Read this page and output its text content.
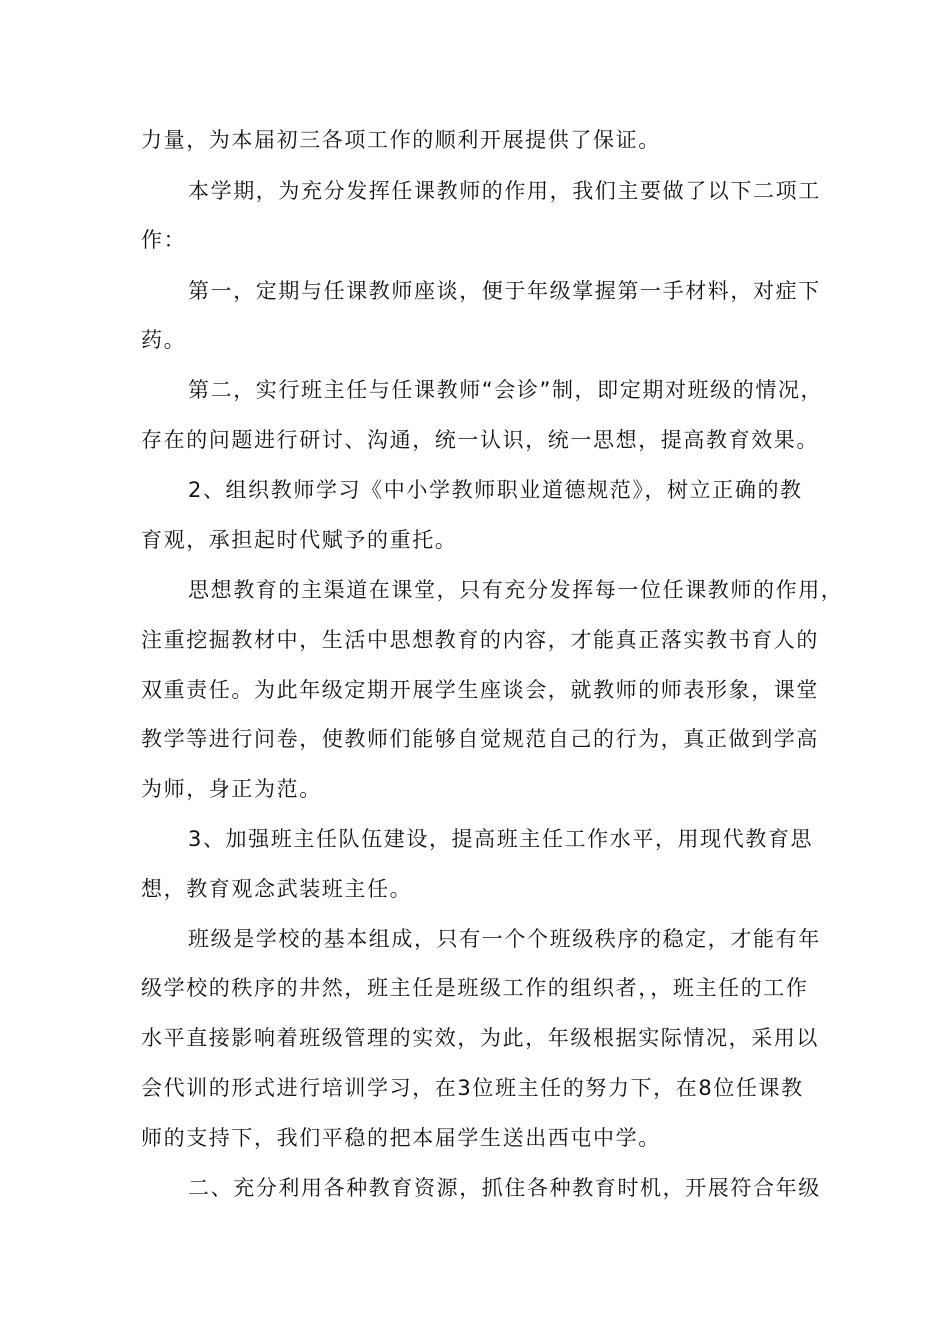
力量，为本届初三各项工作的顺利开展提供了保证。
本学期，为充分发挥任课教师的作用，我们主要做了以下二项工
作：
第一，定期与任课教师座谈，便于年级掌握第一手材料，对症下
药。
第二，实行班主任与任课教师“会诊”制，即定期对班级的情况，
存在的问题进行研讨、沟通，统一认识，统一思想，提高教育效果。
2、组织教师学习《中小学教师职业道德规范》，树立正确的教
育观，承担起时代赋予的重托。
思想教育的主渠道在课堂，只有充分发挥每一位任课教师的作用，
注重挖掘教材中，生活中思想教育的内容，才能真正落实教书育人的
双重责任。为此年级定期开展学生座谈会，就教师的师表形象，课堂
教学等进行问卷，使教师们能够自觉规范自己的行为，真正做到学高
为师，身正为范。
3、加强班主任队伍建设，提高班主任工作水平，用现代教育思
想，教育观念武装班主任。
班级是学校的基本组成，只有一个个班级秩序的稳定，才能有年
级学校的秩序的井然，班主任是班级工作的组织者，，班主任的工作
水平直接影响着班级管理的实效，为此，年级根据实际情况，采用以
会代训的形式进行培训学习，在3位班主任的努力下，在8位任课教
师的支持下，我们平稳的把本届学生送出西屯中学。
二、充分利用各种教育资源，抓住各种教育时机，开展符合年级
